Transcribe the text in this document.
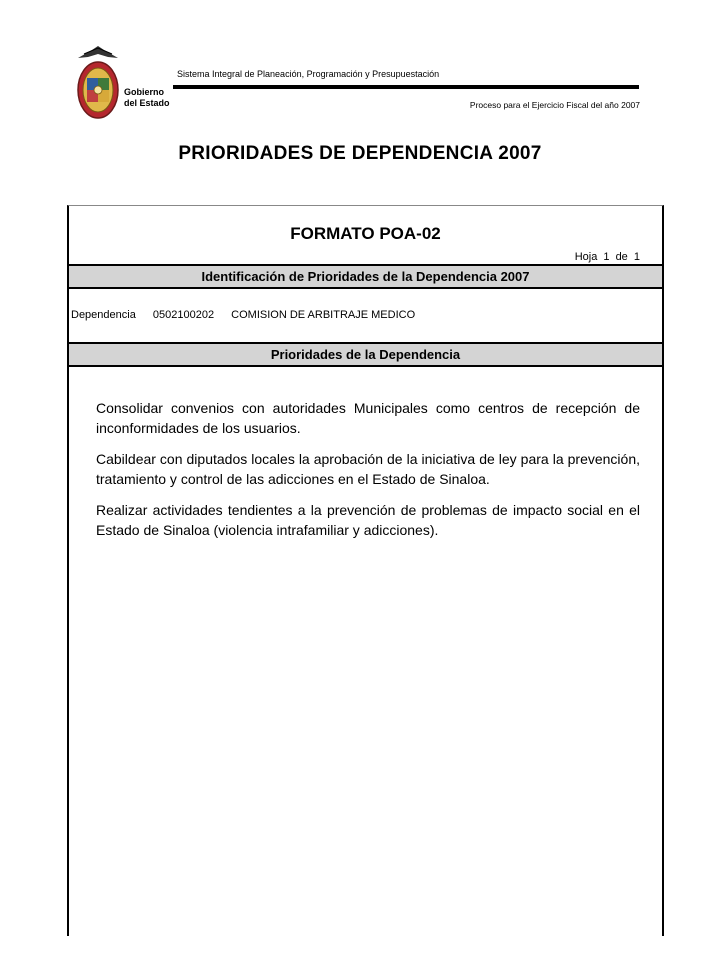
Gobierno
del Estado
Sistema Integral de Planeación, Programación y Presupuestación
Proceso para el Ejercicio Fiscal del año 2007
PRIORIDADES DE DEPENDENCIA 2007
FORMATO POA-02
Hoja 1 de 1
Identificación de Prioridades de la Dependencia 2007
Dependencia 0502100202 COMISION DE ARBITRAJE MEDICO
Prioridades de la Dependencia

Consolidar convenios con autoridades Municipales como centros de recepción de inconformidades de los usuarios.

Cabildear con diputados locales la aprobación de la iniciativa de ley para la prevención, tratamiento y control de las adicciones en el Estado de Sinaloa.

Realizar actividades tendientes a la prevención de problemas de impacto social en el Estado de Sinaloa (violencia intrafamiliar y adicciones).
